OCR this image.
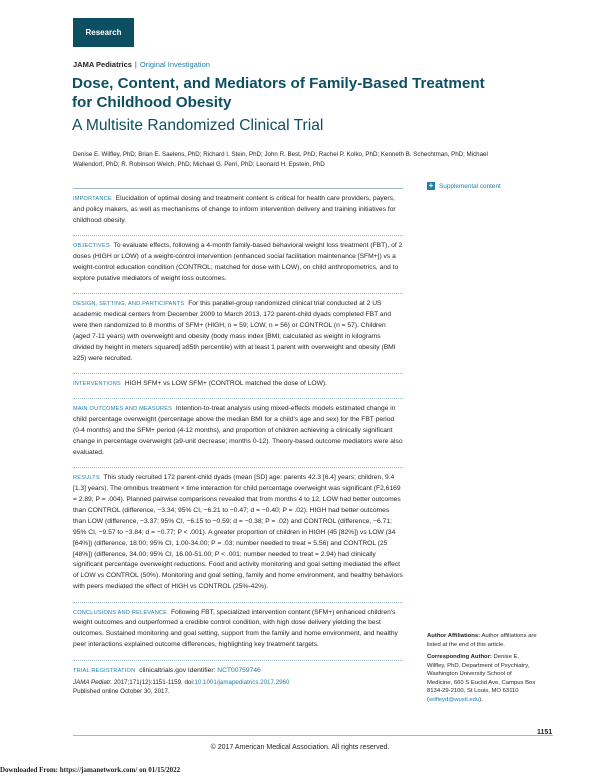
Research
JAMA Pediatrics | Original Investigation
Dose, Content, and Mediators of Family-Based Treatment for Childhood Obesity
A Multisite Randomized Clinical Trial
Denise E. Wilfley, PhD; Brian E. Saelens, PhD; Richard I. Stein, PhD; John R. Best, PhD; Rachel P. Kolko, PhD; Kenneth B. Schechtman, PhD; Michael Wallendorf, PhD; R. Robinson Welch, PhD; Michael G. Perri, PhD; Leonard H. Epstein, PhD
+ Supplemental content

IMPORTANCE Elucidation of optimal dosing and treatment content is critical for health care providers, payers, and policy makers, as well as mechanisms of change to inform intervention delivery and training initiatives for childhood obesity.

OBJECTIVES To evaluate effects, following a 4-month family-based behavioral weight loss treatment (FBT), of 2 doses (HIGH or LOW) of a weight-control intervention (enhanced social facilitation maintenance [SFM+]) vs a weight-control education condition (CONTROL; matched for dose with LOW), on child anthropometrics, and to explore putative mediators of weight loss outcomes.

DESIGN, SETTING, AND PARTICIPANTS For this parallel-group randomized clinical trial conducted at 2 US academic medical centers from December 2009 to March 2013, 172 parent-child dyads completed FBT and were then randomized to 8 months of SFM+ (HIGH, n = 59; LOW, n = 56) or CONTROL (n = 57). Children (aged 7-11 years) with overweight and obesity (body mass index [BMI; calculated as weight in kilograms divided by height in meters squared] ≥85th percentile) with at least 1 parent with overweight and obesity (BMI ≥25) were recruited.

INTERVENTIONS HIGH SFM+ vs LOW SFM+ (CONTROL matched the dose of LOW).

MAIN OUTCOMES AND MEASURES Intention-to-treat analysis using mixed-effects models estimated change in child percentage overweight (percentage above the median BMI for a child's age and sex) for the FBT period (0-4 months) and the SFM+ period (4-12 months), and proportion of children achieving a clinically significant change in percentage overweight (≥9-unit decrease; months 0-12). Theory-based outcome mediators were also evaluated.

RESULTS This study recruited 172 parent-child dyads (mean [SD] age: parents 42.3 [6.4] years; children, 9.4 [1.3] years). The omnibus treatment × time interaction for child percentage overweight was significant (F2,6169 = 2.89; P = .004). Planned pairwise comparisons revealed that from months 4 to 12, LOW had better outcomes than CONTROL (difference, −3.34; 95% CI, −6.21 to −0.47; d = −0.40; P = .02). HIGH had better outcomes than LOW (difference, −3.37; 95% CI, −6.15 to −0.59; d = −0.38; P = .02) and CONTROL (difference, −6.71; 95% CI, −9.57 to −3.84; d = −0.77; P < .001). A greater proportion of children in HIGH (45 [82%]) vs LOW (34 [64%]) (difference, 18.00; 95% CI, 1.00-34.00; P = .03; number needed to treat = 5.56) and CONTROL (25 [48%]) (difference, 34.00; 95% CI, 16.00-51.00; P < .001; number needed to treat = 2.94) had clinically significant percentage overweight reductions. Food and activity monitoring and goal setting mediated the effect of LOW vs CONTROL (50%). Monitoring and goal setting, family and home environment, and healthy behaviors with peers mediated the effect of HIGH vs CONTROL (25%-42%).

CONCLUSIONS AND RELEVANCE Following FBT, specialized intervention content (SFM+) enhanced children's weight outcomes and outperformed a credible control condition, with high dose delivery yielding the best outcomes. Sustained monitoring and goal setting, support from the family and home environment, and healthy peer interactions explained outcome differences, highlighting key treatment targets.

TRIAL REGISTRATION clinicaltrials.gov Identifier: NCT00759746

JAMA Pediatr. 2017;171(12):1151-1159. doi:10.1001/jamapediatrics.2017.2960
Published online October 30, 2017.
Author Affiliations: Author affiliations are listed at the end of this article.
Corresponding Author: Denise E. Wilfley, PhD, Department of Psychiatry, Washington University School of Medicine, 660 S Euclid Ave, Campus Box 8134-29-2100, St Louis, MO 63110 (wilfleyd@wustl.edu).
1151
© 2017 American Medical Association. All rights reserved.
Downloaded From: https://jamanetwork.com/ on 01/15/2022
